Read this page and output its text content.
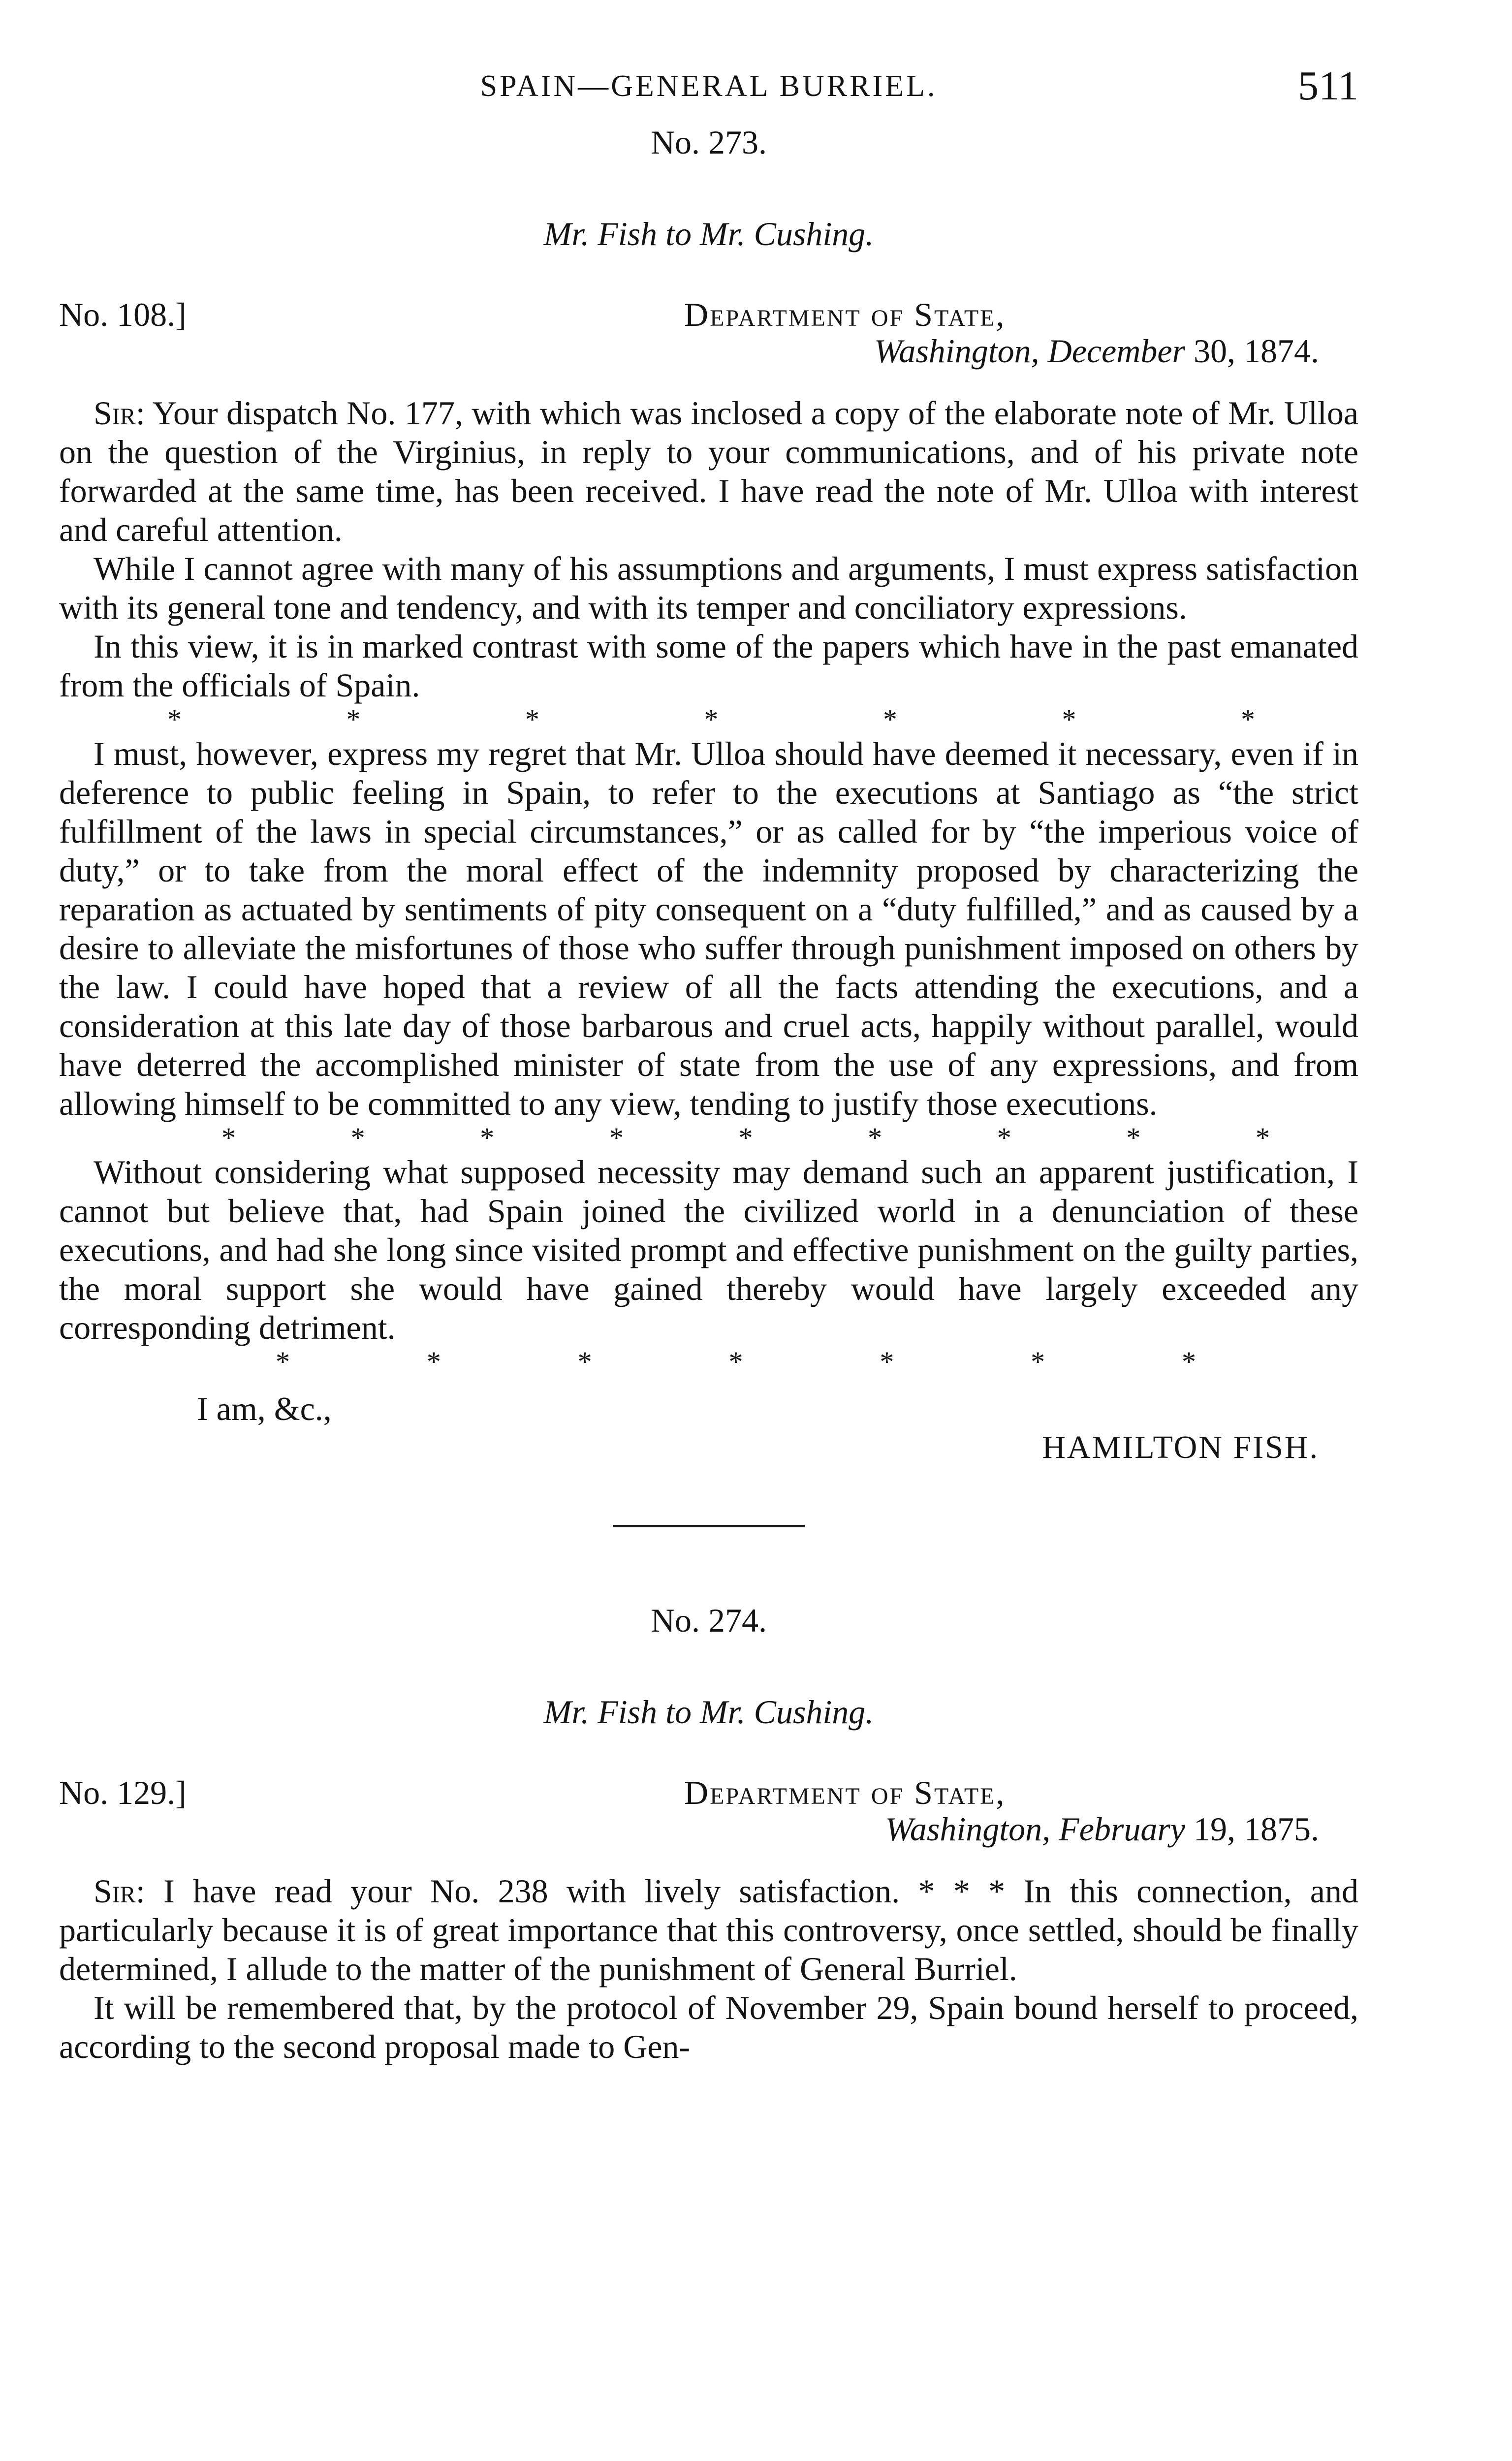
SPAIN—GENERAL BURRIEL.	511
No. 273.
Mr. Fish to Mr. Cushing.
No. 108.]	Department of State,
Washington, December 30, 1874.

Sir: Your dispatch No. 177, with which was inclosed a copy of the elaborate note of Mr. Ulloa on the question of the Virginius, in reply to your communications, and of his private note forwarded at the same time, has been received. I have read the note of Mr. Ulloa with interest and careful attention.

While I cannot agree with many of his assumptions and arguments, I must express satisfaction with its general tone and tendency, and with its temper and conciliatory expressions.

In this view, it is in marked contrast with some of the papers which have in the past emanated from the officials of Spain.

*	*	*	*	*	*	*

I must, however, express my regret that Mr. Ulloa should have deemed it necessary, even if in deference to public feeling in Spain, to refer to the executions at Santiago as “the strict fulfillment of the laws in special circumstances,” or as called for by “the imperious voice of duty,” or to take from the moral effect of the indemnity proposed by characterizing the reparation as actuated by sentiments of pity consequent on a “duty fulfilled,” and as caused by a desire to alleviate the misfortunes of those who suffer through punishment imposed on others by the law. I could have hoped that a review of all the facts attending the executions, and a consideration at this late day of those barbarous and cruel acts, happily without parallel, would have deterred the accomplished minister of state from the use of any expressions, and from allowing himself to be committed to any view, tending to justify those executions.

*	*	*	*	*	*	*	*	*

Without considering what supposed necessity may demand such an apparent justification, I cannot but believe that, had Spain joined the civilized world in a denunciation of these executions, and had she long since visited prompt and effective punishment on the guilty parties, the moral support she would have gained thereby would have largely exceeded any corresponding detriment.

*	*	*	*	*	*	*
I am, &c.,
HAMILTON FISH.
No. 274.
Mr. Fish to Mr. Cushing.
No. 129.]	Department of State,
Washington, February 19, 1875.

Sir: I have read your No. 238 with lively satisfaction. * * * In this connection, and particularly because it is of great importance that this controversy, once settled, should be finally determined, I allude to the matter of the punishment of General Burriel.

It will be remembered that, by the protocol of November 29, Spain bound herself to proceed, according to the second proposal made to Gen-
